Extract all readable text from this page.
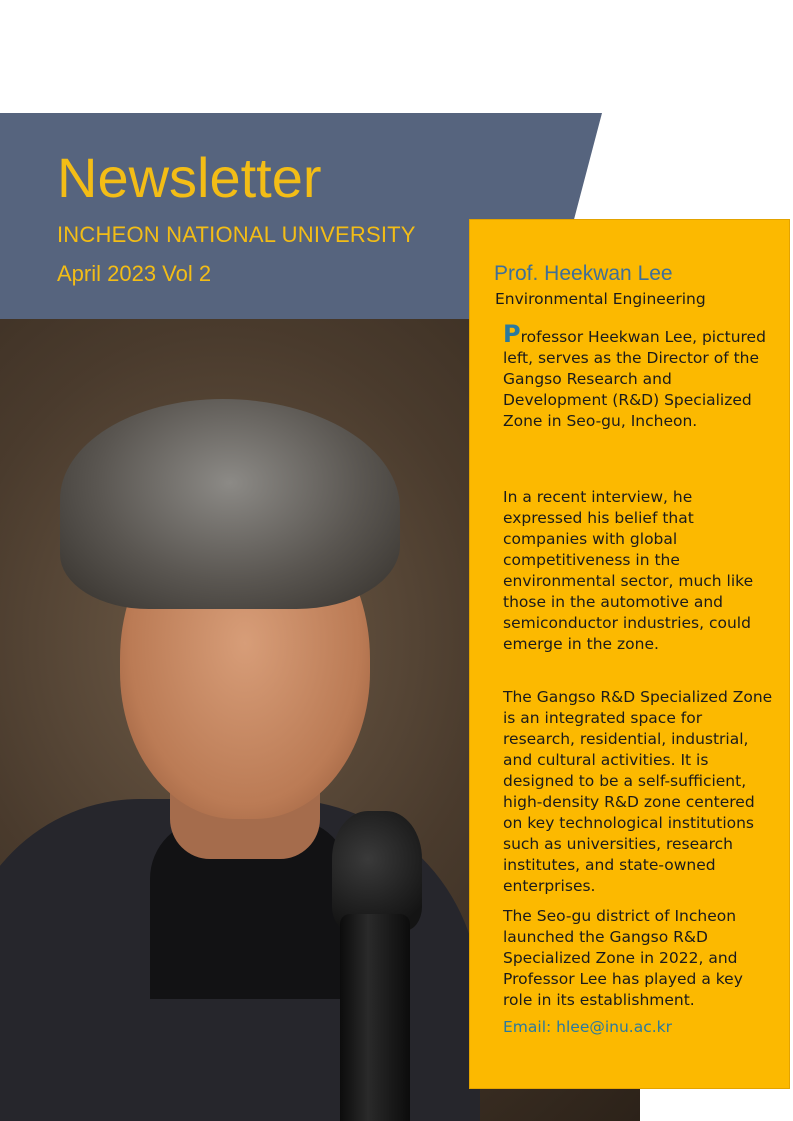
Newsletter
INCHEON NATIONAL UNIVERSITY
April 2023 Vol 2	Prof. Heekwan Lee
Environmental Engineering

Professor Heekwan Lee, pictured left, serves as the Director of the Gangso Research and Development (R&D) Specialized Zone in Seo-gu, Incheon.

In a recent interview, he expressed his belief that companies with global competitiveness in the environmental sector, much like those in the automotive and semiconductor industries, could emerge in the zone.

The Gangso R&D Specialized Zone is an integrated space for research, residential, industrial, and cultural activities. It is designed to be a self-sufficient, high-density R&D zone centered on key technological institutions such as universities, research institutes, and state-owned enterprises.

The Seo-gu district of Incheon launched the Gangso R&D Specialized Zone in 2022, and Professor Lee has played a key role in its establishment.

Email: hlee@inu.ac.kr
